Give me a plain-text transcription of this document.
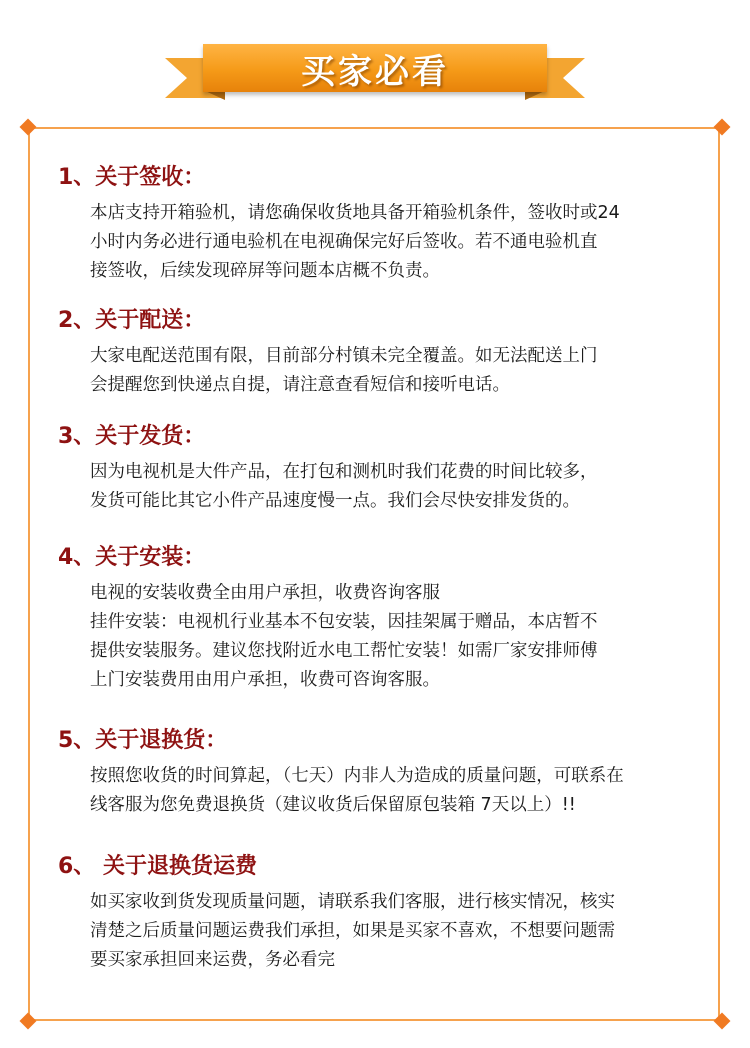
买家必看
1、关于签收：
本店支持开箱验机，请您确保收货地具备开箱验机条件，签收时或24
小时内务必进行通电验机在电视确保完好后签收。若不通电验机直
接签收，后续发现碎屏等问题本店概不负责。
2、关于配送：
大家电配送范围有限，目前部分村镇未完全覆盖。如无法配送上门
会提醒您到快递点自提，请注意查看短信和接听电话。
3、关于发货：
因为电视机是大件产品，在打包和测机时我们花费的时间比较多，
发货可能比其它小件产品速度慢一点。我们会尽快安排发货的。
4、关于安装：
电视的安装收费全由用户承担，收费咨询客服
挂件安装：电视机行业基本不包安装，因挂架属于赠品，本店暂不
提供安装服务。建议您找附近水电工帮忙安装！如需厂家安排师傅
上门安装费用由用户承担，收费可咨询客服。
5、关于退换货：
按照您收货的时间算起，（七天）内非人为造成的质量问题，可联系在
线客服为您免费退换货（建议收货后保留原包装箱 7天以上）!!
6、 关于退换货运费
如买家收到货发现质量问题，请联系我们客服，进行核实情况，核实
清楚之后质量问题运费我们承担，如果是买家不喜欢，不想要问题需
要买家承担回来运费，务必看完
